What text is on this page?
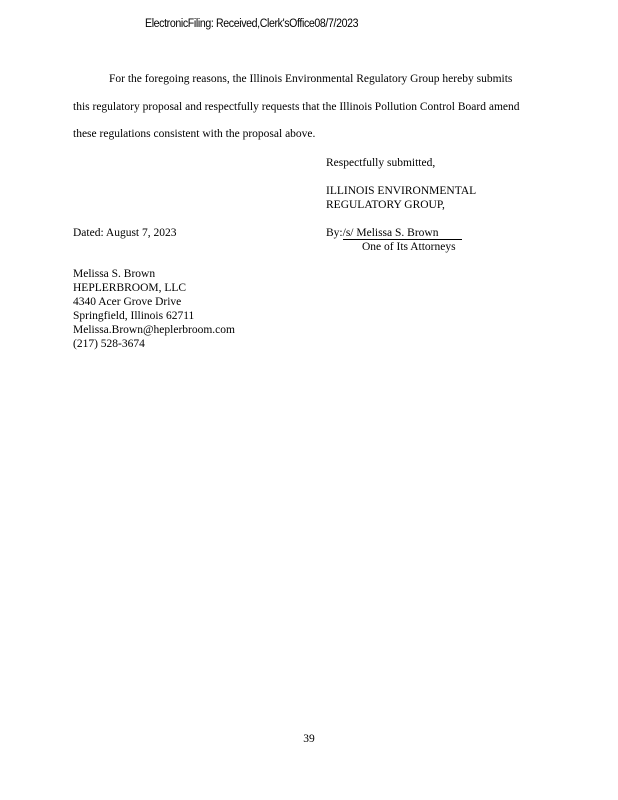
ElectronicFiling: Received,Clerk'sOffice08/7/2023
For the foregoing reasons, the Illinois Environmental Regulatory Group hereby submits
this regulatory proposal and respectfully requests that the Illinois Pollution Control Board amend
these regulations consistent with the proposal above.
Respectfully submitted,
ILLINOIS ENVIRONMENTAL
REGULATORY GROUP,
Dated: August 7, 2023	By:/s/ Melissa S. Brown
One of Its Attorneys
Melissa S. Brown
HEPLERBROOM, LLC
4340 Acer Grove Drive
Springfield, Illinois 62711
Melissa.Brown@heplerbroom.com
(217) 528-3674
39
